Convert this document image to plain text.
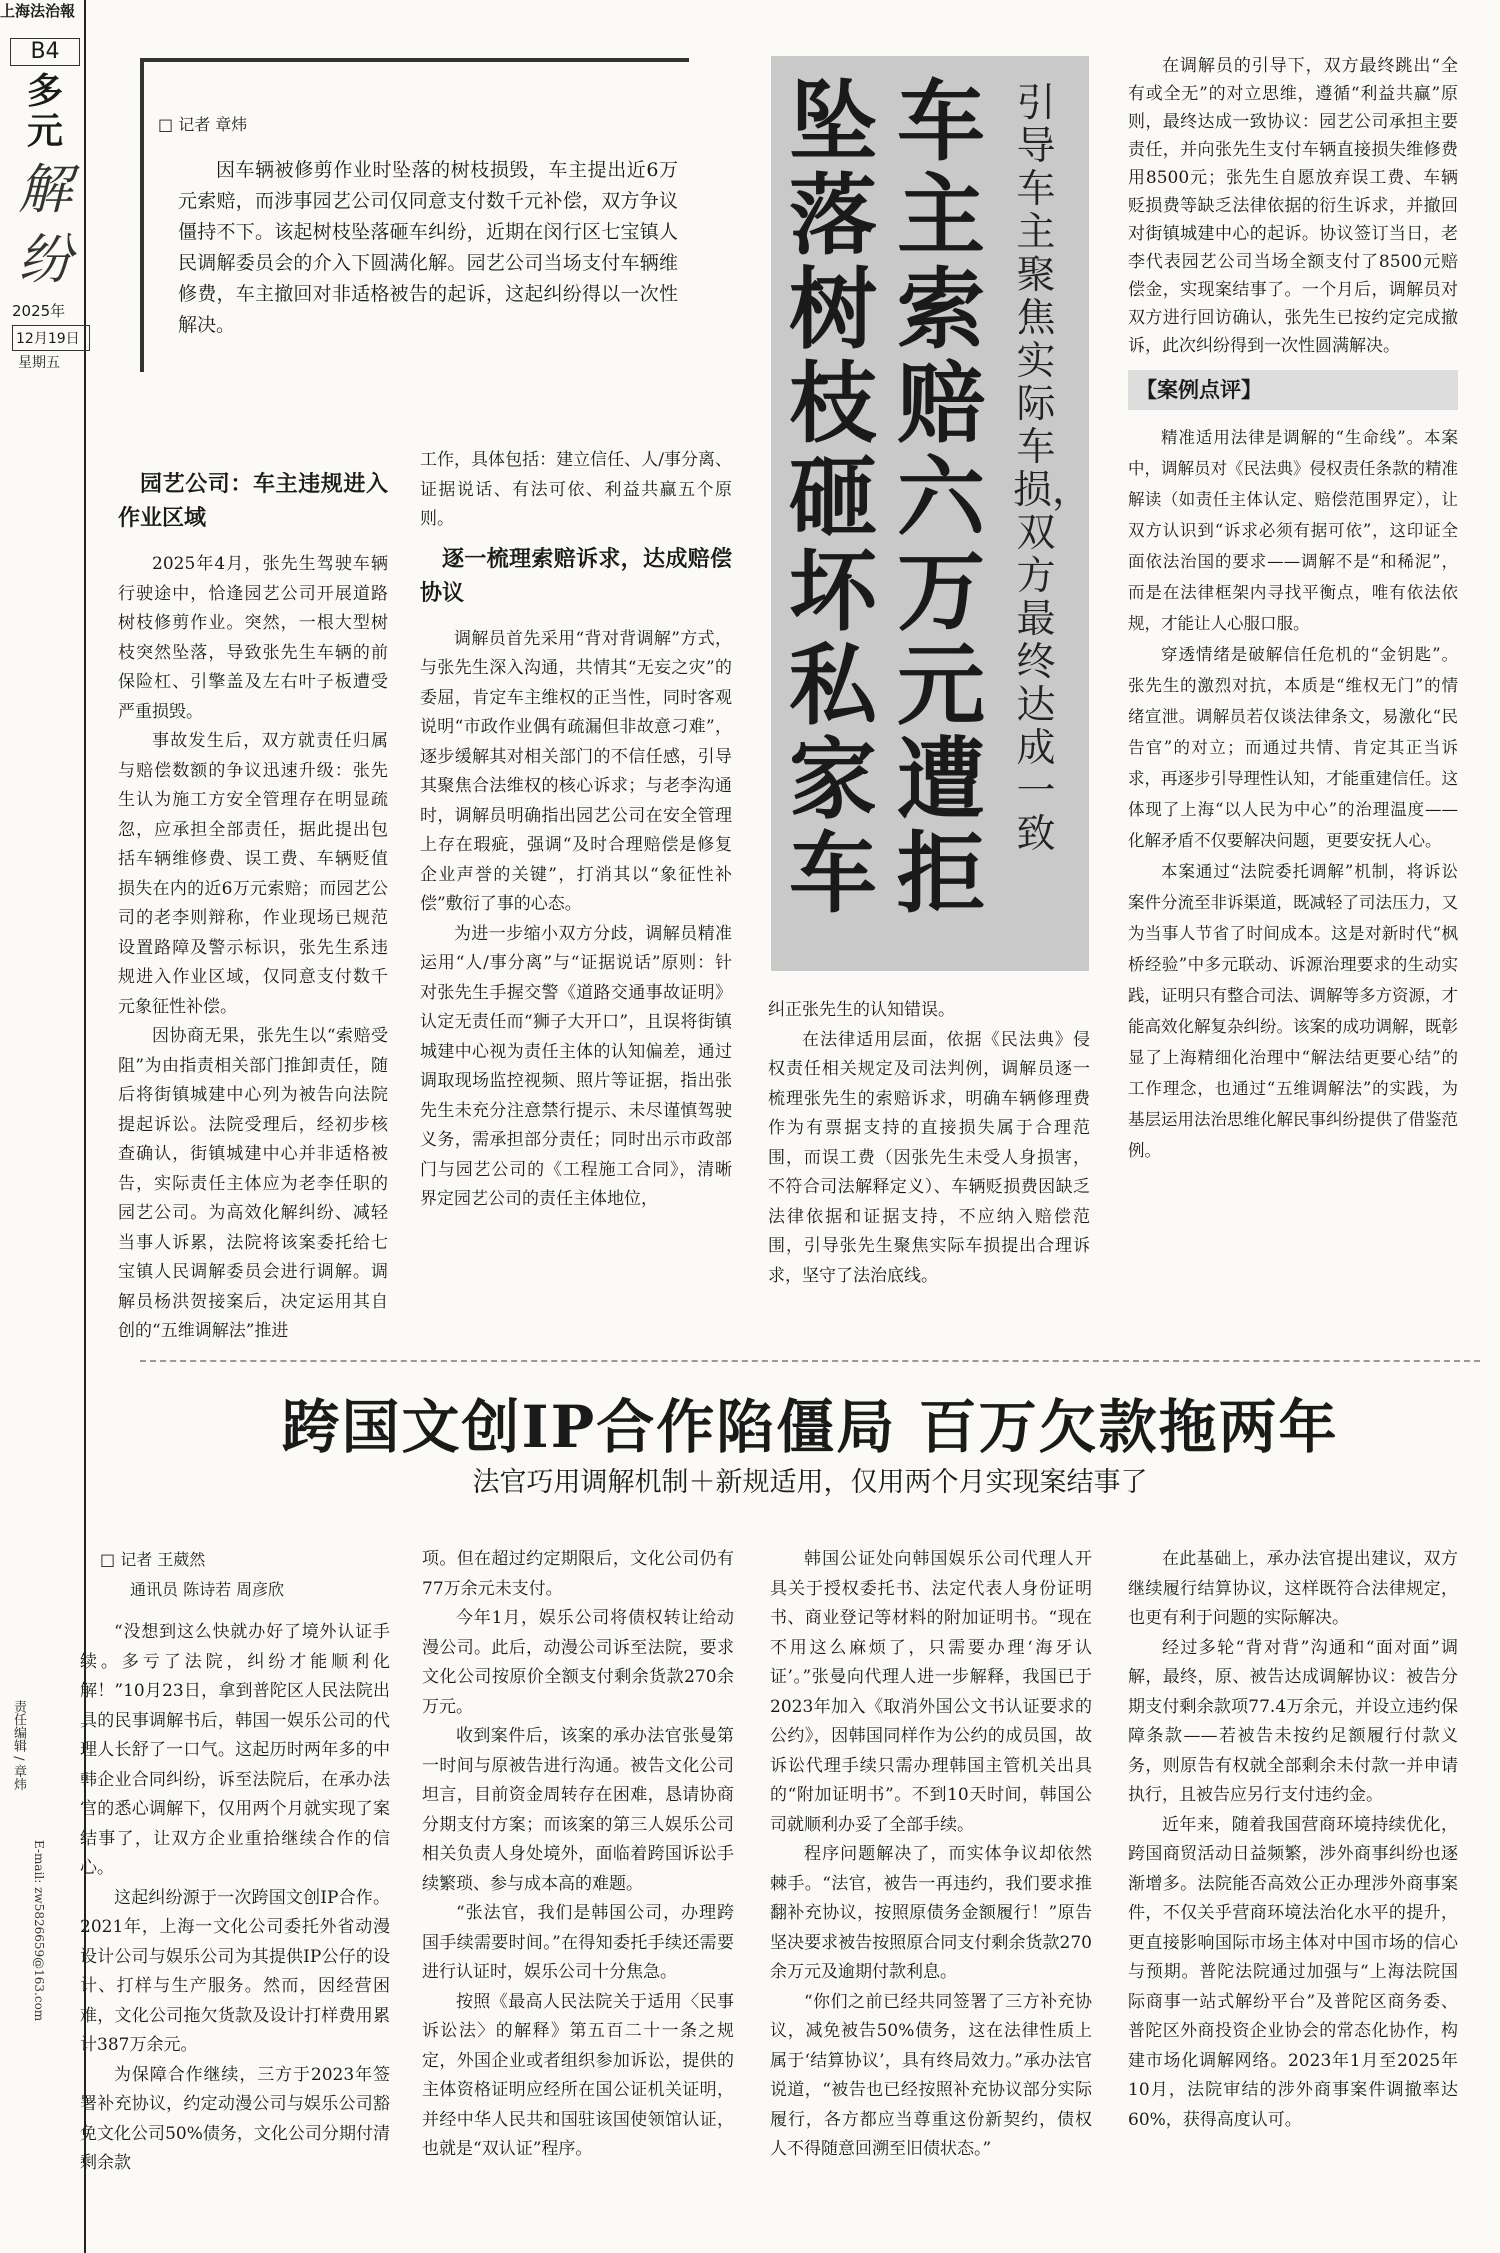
上海法治報
B4
多元
解纷
2025年
12月19日
星期五
责任编辑 / 章炜
E-mail: zw5826659@163.com
□ 记者 章炜
因车辆被修剪作业时坠落的树枝损毁，车主提出近6万元索赔，而涉事园艺公司仅同意支付数千元补偿，双方争议僵持不下。该起树枝坠落砸车纠纷，近期在闵行区七宝镇人民调解委员会的介入下圆满化解。园艺公司当场支付车辆维修费，车主撤回对非适格被告的起诉，这起纠纷得以一次性解决。
坠落树枝砸坏私家车
车主索赔六万元遭拒
引导车主聚焦实际车损，双方最终达成一致
园艺公司：车主违规进入作业区域

2025年4月，张先生驾驶车辆行驶途中，恰逢园艺公司开展道路树枝修剪作业。突然，一根大型树枝突然坠落，导致张先生车辆的前保险杠、引擎盖及左右叶子板遭受严重损毁。

事故发生后，双方就责任归属与赔偿数额的争议迅速升级：张先生认为施工方安全管理存在明显疏忽，应承担全部责任，据此提出包括车辆维修费、误工费、车辆贬值损失在内的近6万元索赔；而园艺公司的老李则辩称，作业现场已规范设置路障及警示标识，张先生系违规进入作业区域，仅同意支付数千元象征性补偿。

因协商无果，张先生以“索赔受阻”为由指责相关部门推卸责任，随后将街镇城建中心列为被告向法院提起诉讼。法院受理后，经初步核查确认，街镇城建中心并非适格被告，实际责任主体应为老李任职的园艺公司。为高效化解纠纷、减轻当事人诉累，法院将该案委托给七宝镇人民调解委员会进行调解。调解员杨洪贺接案后，决定运用其自创的“五维调解法”推进

工作，具体包括：建立信任、人/事分离、证据说话、有法可依、利益共赢五个原则。

逐一梳理索赔诉求，达成赔偿协议

调解员首先采用“背对背调解”方式，与张先生深入沟通，共情其“无妄之灾”的委屈，肯定车主维权的正当性，同时客观说明“市政作业偶有疏漏但非故意刁难”，逐步缓解其对相关部门的不信任感，引导其聚焦合法维权的核心诉求；与老李沟通时，调解员明确指出园艺公司在安全管理上存在瑕疵，强调“及时合理赔偿是修复企业声誉的关键”，打消其以“象征性补偿”敷衍了事的心态。

为进一步缩小双方分歧，调解员精准运用“人/事分离”与“证据说话”原则：针对张先生手握交警《道路交通事故证明》认定无责任而“狮子大开口”，且误将街镇城建中心视为责任主体的认知偏差，通过调取现场监控视频、照片等证据，指出张先生未充分注意禁行提示、未尽谨慎驾驶义务，需承担部分责任；同时出示市政部门与园艺公司的《工程施工合同》，清晰界定园艺公司的责任主体地位，

纠正张先生的认知错误。

在法律适用层面，依据《民法典》侵权责任相关规定及司法判例，调解员逐一梳理张先生的索赔诉求，明确车辆修理费作为有票据支持的直接损失属于合理范围，而误工费（因张先生未受人身损害，不符合司法解释定义）、车辆贬损费因缺乏法律依据和证据支持，不应纳入赔偿范围，引导张先生聚焦实际车损提出合理诉求，坚守了法治底线。

在调解员的引导下，双方最终跳出“全有或全无”的对立思维，遵循“利益共赢”原则，最终达成一致协议：园艺公司承担主要责任，并向张先生支付车辆直接损失维修费用8500元；张先生自愿放弃误工费、车辆贬损费等缺乏法律依据的衍生诉求，并撤回对街镇城建中心的起诉。协议签订当日，老李代表园艺公司当场全额支付了8500元赔偿金，实现案结事了。一个月后，调解员对双方进行回访确认，张先生已按约定完成撤诉，此次纠纷得到一次性圆满解决。

【案例点评】

精准适用法律是调解的“生命线”。本案中，调解员对《民法典》侵权责任条款的精准解读（如责任主体认定、赔偿范围界定），让双方认识到“诉求必须有据可依”，这印证全面依法治国的要求——调解不是“和稀泥”，而是在法律框架内寻找平衡点，唯有依法依规，才能让人心服口服。

穿透情绪是破解信任危机的“金钥匙”。张先生的激烈对抗，本质是“维权无门”的情绪宣泄。调解员若仅谈法律条文，易激化“民告官”的对立；而通过共情、肯定其正当诉求，再逐步引导理性认知，才能重建信任。这体现了上海“以人民为中心”的治理温度——化解矛盾不仅要解决问题，更要安抚人心。

本案通过“法院委托调解”机制，将诉讼案件分流至非诉渠道，既减轻了司法压力，又为当事人节省了时间成本。这是对新时代“枫桥经验”中多元联动、诉源治理要求的生动实践，证明只有整合司法、调解等多方资源，才能高效化解复杂纠纷。该案的成功调解，既彰显了上海精细化治理中“解法结更要心结”的工作理念，也通过“五维调解法”的实践，为基层运用法治思维化解民事纠纷提供了借鉴范例。

跨国文创IP合作陷僵局 百万欠款拖两年
法官巧用调解机制＋新规适用，仅用两个月实现案结事了
□ 记者 王葳然
通讯员 陈诗若 周彦欣

“没想到这么快就办好了境外认证手续。多亏了法院，纠纷才能顺利化解！”10月23日，拿到普陀区人民法院出具的民事调解书后，韩国一娱乐公司的代理人长舒了一口气。这起历时两年多的中韩企业合同纠纷，诉至法院后，在承办法官的悉心调解下，仅用两个月就实现了案结事了，让双方企业重拾继续合作的信心。

这起纠纷源于一次跨国文创IP合作。2021年，上海一文化公司委托外省动漫设计公司与娱乐公司为其提供IP公仔的设计、打样与生产服务。然而，因经营困难，文化公司拖欠货款及设计打样费用累计387万余元。

为保障合作继续，三方于2023年签署补充协议，约定动漫公司与娱乐公司豁免文化公司50%债务，文化公司分期付清剩余款

项。但在超过约定期限后，文化公司仍有77万余元未支付。

今年1月，娱乐公司将债权转让给动漫公司。此后，动漫公司诉至法院，要求文化公司按原价全额支付剩余货款270余万元。

收到案件后，该案的承办法官张曼第一时间与原被告进行沟通。被告文化公司坦言，目前资金周转存在困难，恳请协商分期支付方案；而该案的第三人娱乐公司相关负责人身处境外，面临着跨国诉讼手续繁琐、参与成本高的难题。

“张法官，我们是韩国公司，办理跨国手续需要时间。”在得知委托手续还需要进行认证时，娱乐公司十分焦急。

按照《最高人民法院关于适用〈民事诉讼法〉的解释》第五百二十一条之规定，外国企业或者组织参加诉讼，提供的主体资格证明应经所在国公证机关证明，并经中华人民共和国驻该国使领馆认证，也就是“双认证”程序。

韩国公证处向韩国娱乐公司代理人开具关于授权委托书、法定代表人身份证明书、商业登记等材料的附加证明书。“现在不用这么麻烦了，只需要办理‘海牙认证’。”张曼向代理人进一步解释，我国已于2023年加入《取消外国公文书认证要求的公约》，因韩国同样作为公约的成员国，故诉讼代理手续只需办理韩国主管机关出具的“附加证明书”。不到10天时间，韩国公司就顺利办妥了全部手续。

程序问题解决了，而实体争议却依然棘手。“法官，被告一再违约，我们要求推翻补充协议，按照原债务金额履行！”原告坚决要求被告按照原合同支付剩余货款270余万元及逾期付款利息。

“你们之前已经共同签署了三方补充协议，减免被告50%债务，这在法律性质上属于‘结算协议’，具有终局效力。”承办法官说道，“被告也已经按照补充协议部分实际履行，各方都应当尊重这份新契约，债权人不得随意回溯至旧债状态。”

在此基础上，承办法官提出建议，双方继续履行结算协议，这样既符合法律规定，也更有利于问题的实际解决。

经过多轮“背对背”沟通和“面对面”调解，最终，原、被告达成调解协议：被告分期支付剩余款项77.4万余元，并设立违约保障条款——若被告未按约足额履行付款义务，则原告有权就全部剩余未付款一并申请执行，且被告应另行支付违约金。

近年来，随着我国营商环境持续优化，跨国商贸活动日益频繁，涉外商事纠纷也逐渐增多。法院能否高效公正办理涉外商事案件，不仅关乎营商环境法治化水平的提升，更直接影响国际市场主体对中国市场的信心与预期。普陀法院通过加强与“上海法院国际商事一站式解纷平台”及普陀区商务委、普陀区外商投资企业协会的常态化协作，构建市场化调解网络。2023年1月至2025年10月，法院审结的涉外商事案件调撤率达60%，获得高度认可。
